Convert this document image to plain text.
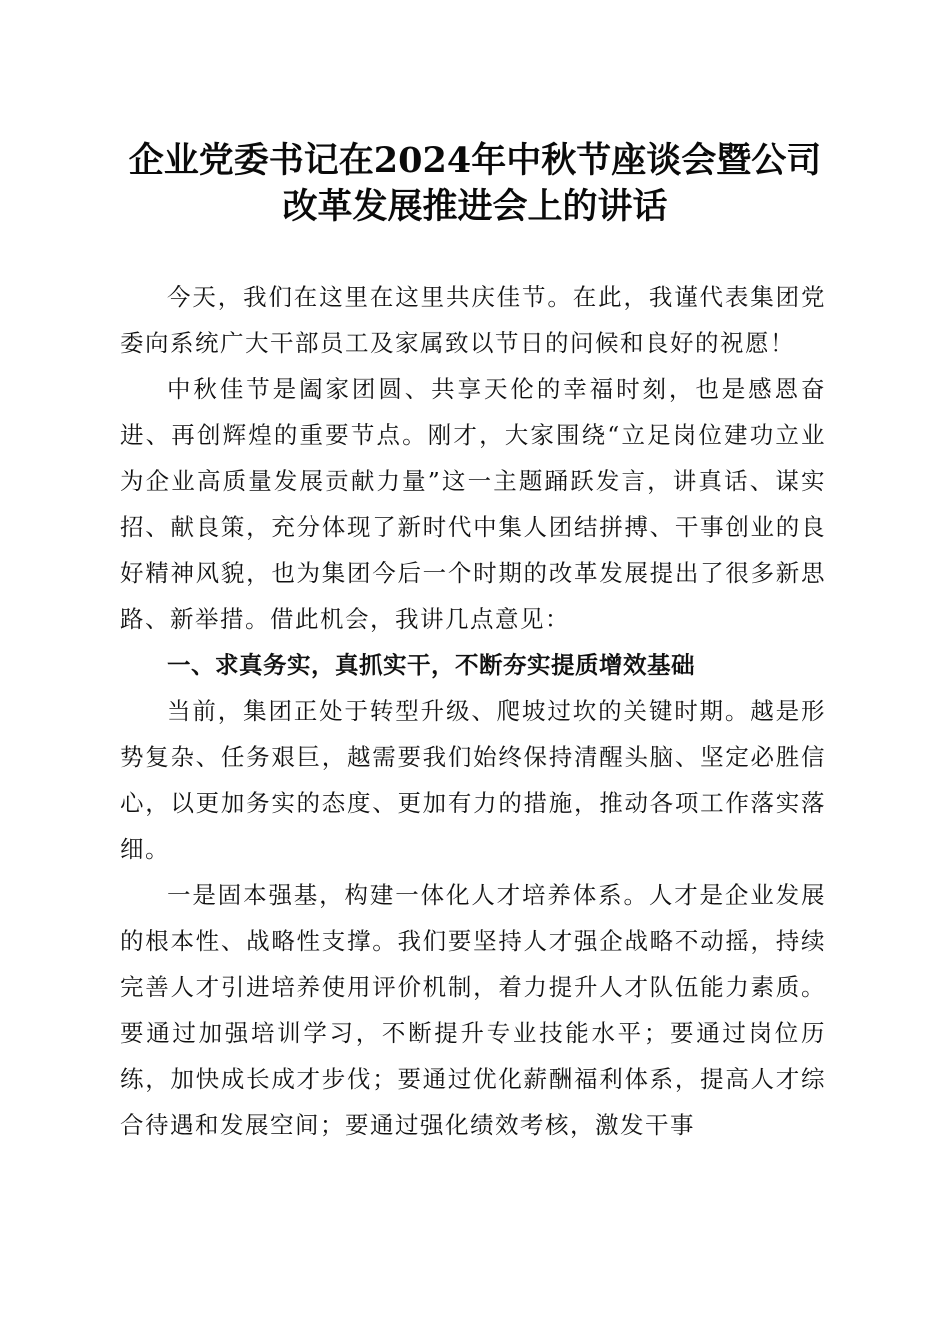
企业党委书记在2024年中秋节座谈会暨公司
改革发展推进会上的讲话

今天，我们在这里在这里共庆佳节。在此，我谨代表集团党委向系统广大干部员工及家属致以节日的问候和良好的祝愿！

中秋佳节是阖家团圆、共享天伦的幸福时刻，也是感恩奋进、再创辉煌的重要节点。刚才，大家围绕“立足岗位建功立业为企业高质量发展贡献力量”这一主题踊跃发言，讲真话、谋实招、献良策，充分体现了新时代中集人团结拼搏、干事创业的良好精神风貌，也为集团今后一个时期的改革发展提出了很多新思路、新举措。借此机会，我讲几点意见：

一、求真务实，真抓实干，不断夯实提质增效基础

当前，集团正处于转型升级、爬坡过坎的关键时期。越是形势复杂、任务艰巨，越需要我们始终保持清醒头脑、坚定必胜信心，以更加务实的态度、更加有力的措施，推动各项工作落实落细。

一是固本强基，构建一体化人才培养体系。人才是企业发展的根本性、战略性支撑。我们要坚持人才强企战略不动摇，持续完善人才引进培养使用评价机制，着力提升人才队伍能力素质。要通过加强培训学习，不断提升专业技能水平；要通过岗位历练，加快成长成才步伐；要通过优化薪酬福利体系，提高人才综合待遇和发展空间；要通过强化绩效考核，激发干事
